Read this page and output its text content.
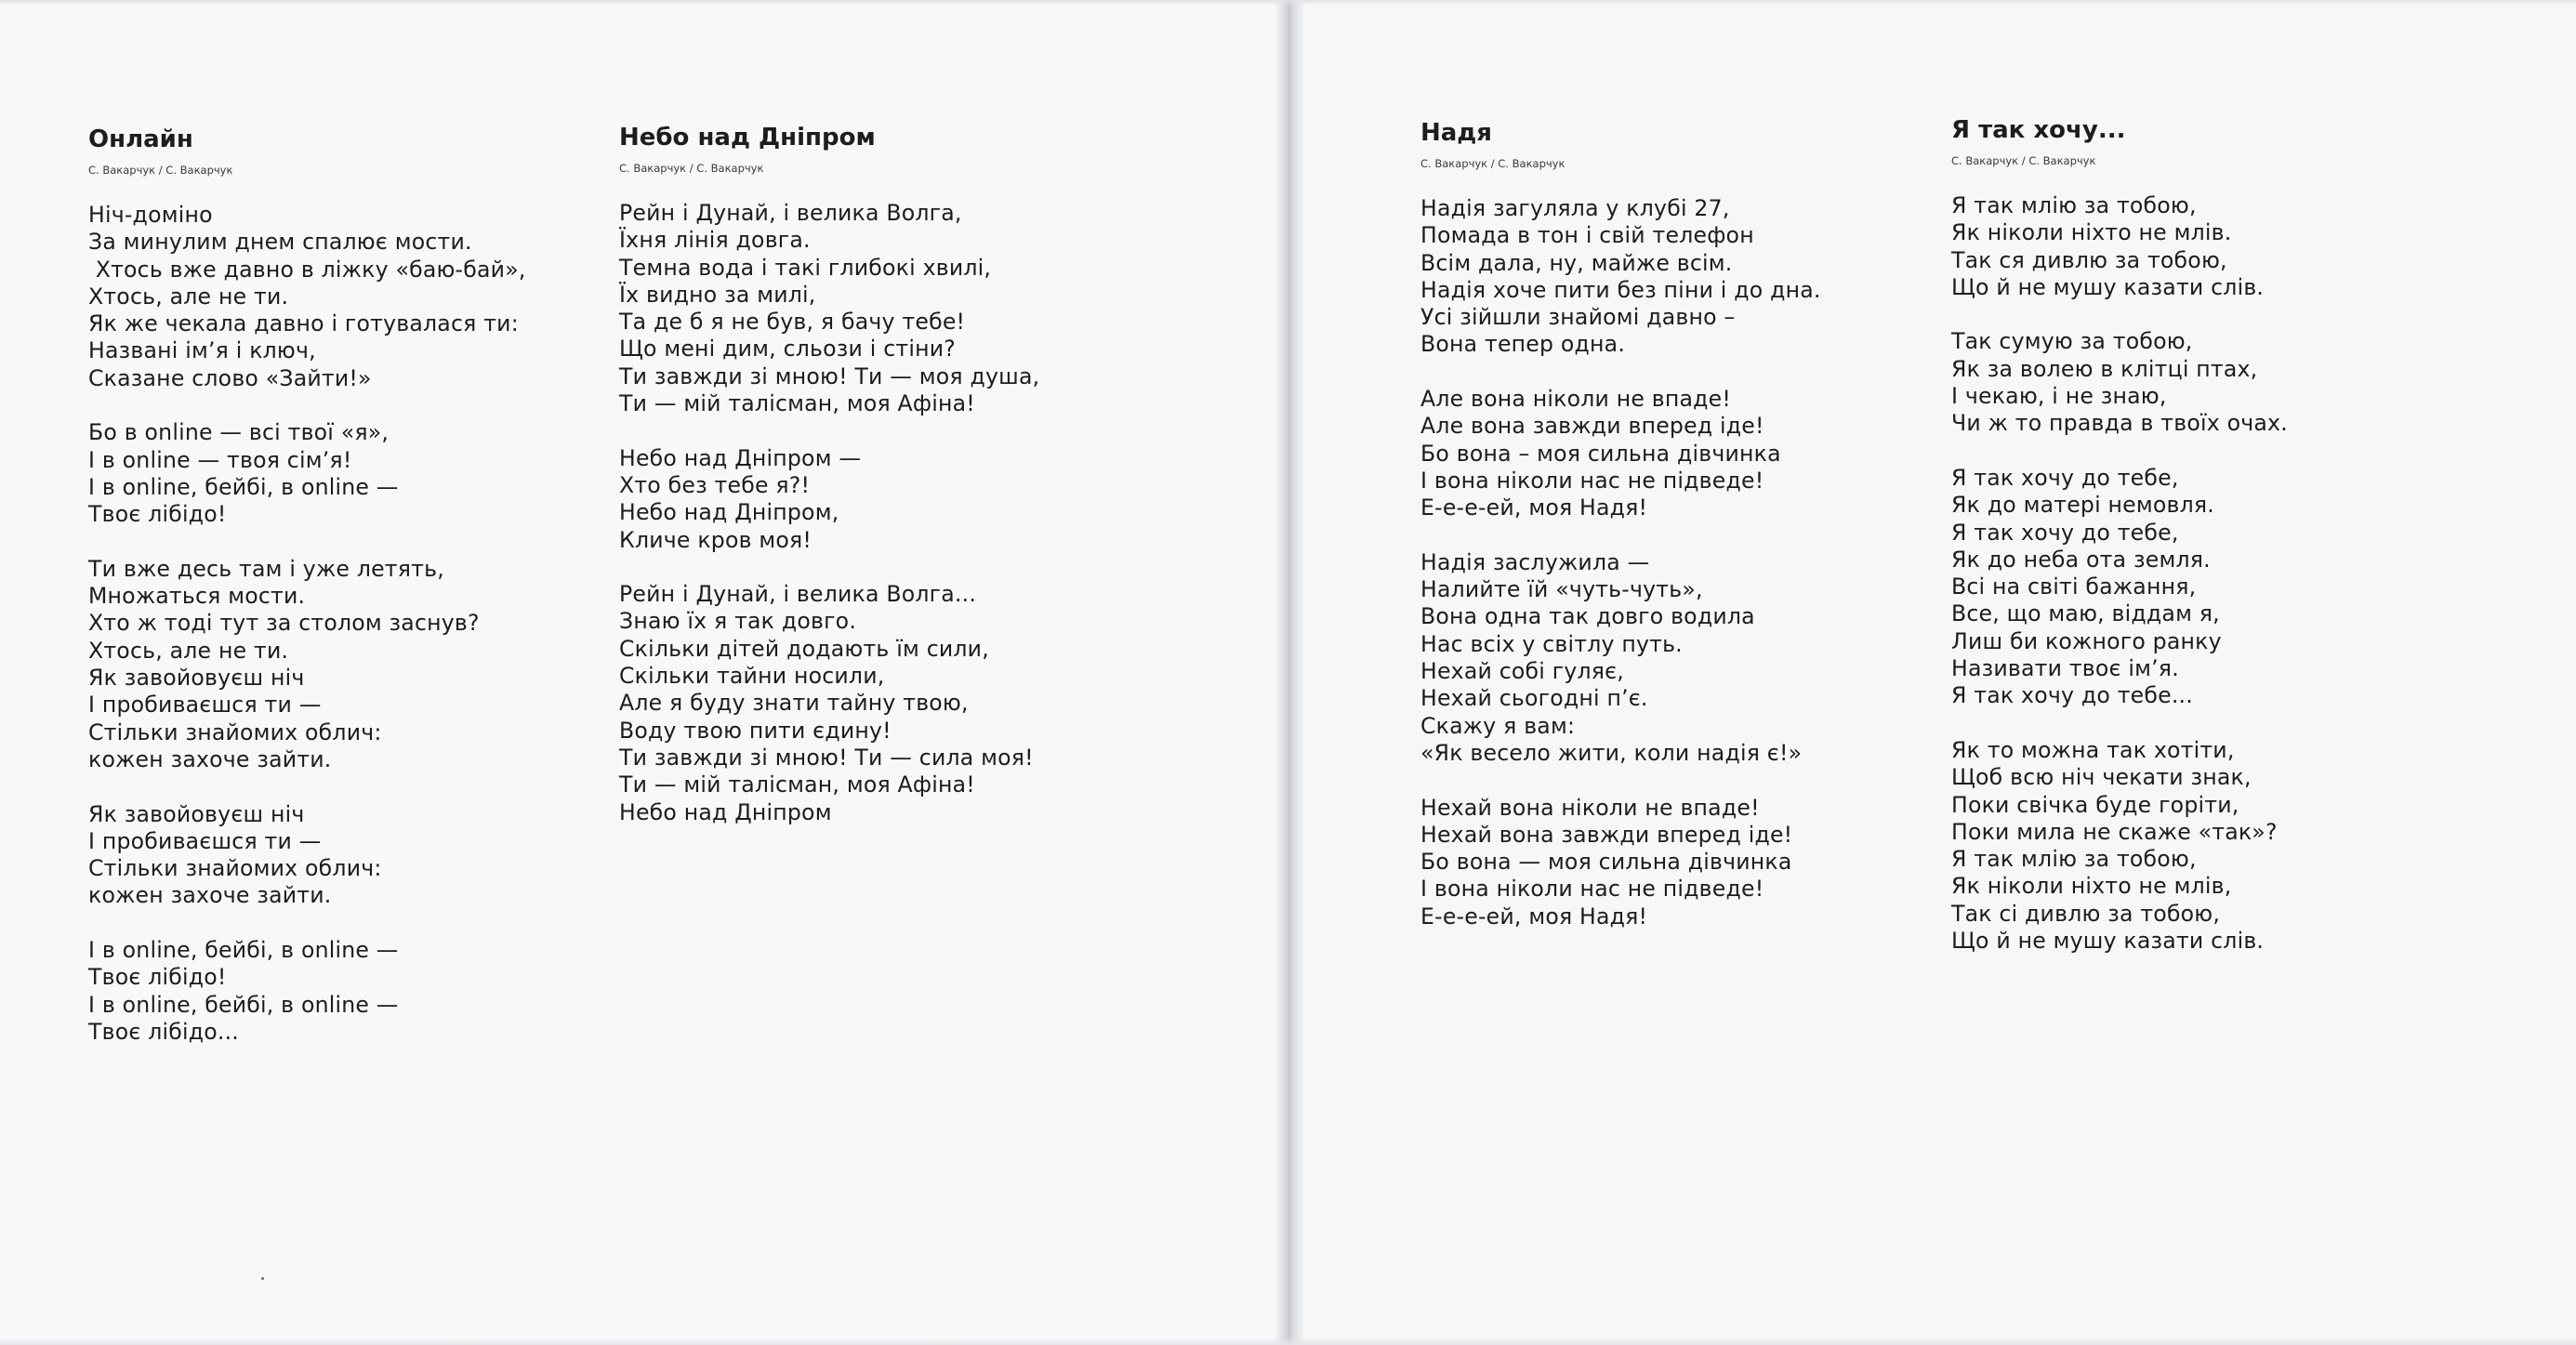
Онлайн
С. Вакарчук / С. Вакарчук
Ніч-доміно
За минулим днем спалює мости.
Хтось вже давно в ліжку «баю-бай»,
Хтось, але не ти.
Як же чекала давно і готувалася ти:
Названі ім’я і ключ,
Сказане слово «Зайти!»
Бо в online — всі твої «я»,
І в online — твоя сім’я!
І в online, бейбі, в online —
Твоє лібідо!
Ти вже десь там і уже летять,
Множаться мости.
Хто ж тоді тут за столом заснув?
Хтось, але не ти.
Як завойовуєш ніч
І пробиваєшся ти —
Стільки знайомих облич:
кожен захоче зайти.
Як завойовуєш ніч
І пробиваєшся ти —
Стільки знайомих облич:
кожен захоче зайти.
І в online, бейбі, в online —
Твоє лібідо!
І в online, бейбі, в online —
Твоє лібідо...
Небо над Дніпром
С. Вакарчук / С. Вакарчук
Рейн і Дунай, і велика Волга,
Їхня лінія довга.
Темна вода і такі глибокі хвилі,
Їх видно за милі,
Та де б я не був, я бачу тебе!
Що мені дим, сльози і стіни?
Ти завжди зі мною! Ти — моя душа,
Ти — мій талісман, моя Афіна!
Небо над Дніпром —
Хто без тебе я?!
Небо над Дніпром,
Кличе кров моя!
Рейн і Дунай, і велика Волга...
Знаю їх я так довго.
Скільки дітей додають їм сили,
Скільки тайни носили,
Але я буду знати тайну твою,
Воду твою пити єдину!
Ти завжди зі мною! Ти — сила моя!
Ти — мій талісман, моя Афіна!
Небо над Дніпром
Надя
С. Вакарчук / С. Вакарчук
Надія загуляла у клубі 27,
Помада в тон і свій телефон
Всім дала, ну, майже всім.
Надія хоче пити без піни і до дна.
Усі зійшли знайомі давно –
Вона тепер одна.
Але вона ніколи не впаде!
Але вона завжди вперед іде!
Бо вона – моя сильна дівчинка
І вона ніколи нас не підведе!
Е-е-е-ей, моя Надя!
Надія заслужила —
Налийте їй «чуть-чуть»,
Вона одна так довго водила
Нас всіх у світлу путь.
Нехай собі гуляє,
Нехай сьогодні п’є.
Скажу я вам:
«Як весело жити, коли надія є!»
Нехай вона ніколи не впаде!
Нехай вона завжди вперед іде!
Бо вона — моя сильна дівчинка
І вона ніколи нас не підведе!
Е-е-е-ей, моя Надя!
Я так хочу...
С. Вакарчук / С. Вакарчук
Я так млію за тобою,
Як ніколи ніхто не млів.
Так ся дивлю за тобою,
Що й не мушу казати слів.
Так сумую за тобою,
Як за волею в клітці птах,
І чекаю, і не знаю,
Чи ж то правда в твоїх очах.
Я так хочу до тебе,
Як до матері немовля.
Я так хочу до тебе,
Як до неба ота земля.
Всі на світі бажання,
Все, що маю, віддам я,
Лиш би кожного ранку
Називати твоє ім’я.
Я так хочу до тебе...
Як то можна так хотіти,
Щоб всю ніч чекати знак,
Поки свічка буде горіти,
Поки мила не скаже «так»?
Я так млію за тобою,
Як ніколи ніхто не млів,
Так сі дивлю за тобою,
Що й не мушу казати слів.
